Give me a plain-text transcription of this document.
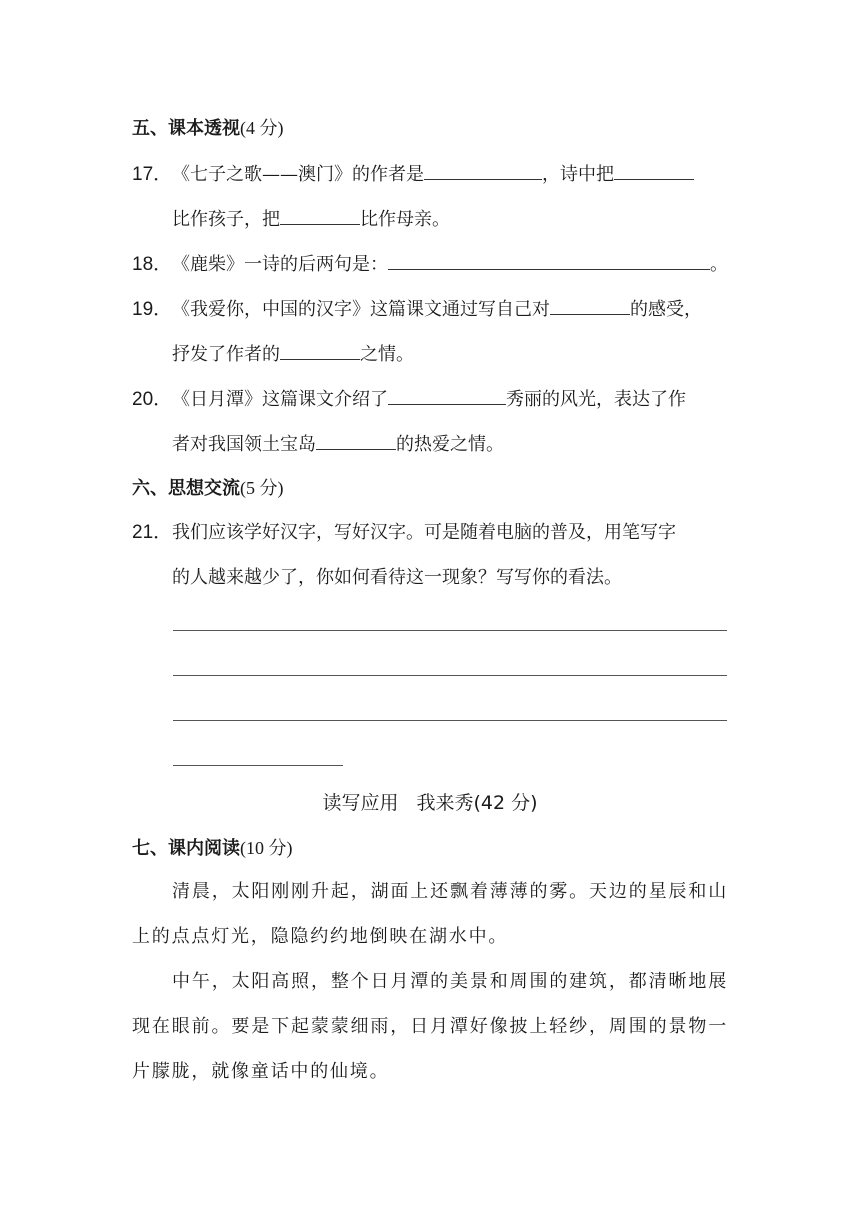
五、课本透视(4 分)
17．《七子之歌——澳门》的作者是	，诗中把
比作孩子，把	比作母亲。
18．《鹿柴》一诗的后两句是：	。
19．《我爱你，中国的汉字》这篇课文通过写自己对	的感受，
抒发了作者的	之情。
20．《日月潭》这篇课文介绍了	秀丽的风光，表达了作
者对我国领土宝岛	的热爱之情。
六、思想交流(5 分)
21．我们应该学好汉字，写好汉字。可是随着电脑的普及，用笔写字
的人越来越少了，你如何看待这一现象？写写你的看法。
读写应用 我来秀(42 分)
七、课内阅读(10 分)
清晨，太阳刚刚升起，湖面上还飘着薄薄的雾。天边的星辰和山上的点点灯光，隐隐约约地倒映在湖水中。
中午，太阳高照，整个日月潭的美景和周围的建筑，都清晰地展现在眼前。要是下起蒙蒙细雨，日月潭好像披上轻纱，周围的景物一片朦胧，就像童话中的仙境。
